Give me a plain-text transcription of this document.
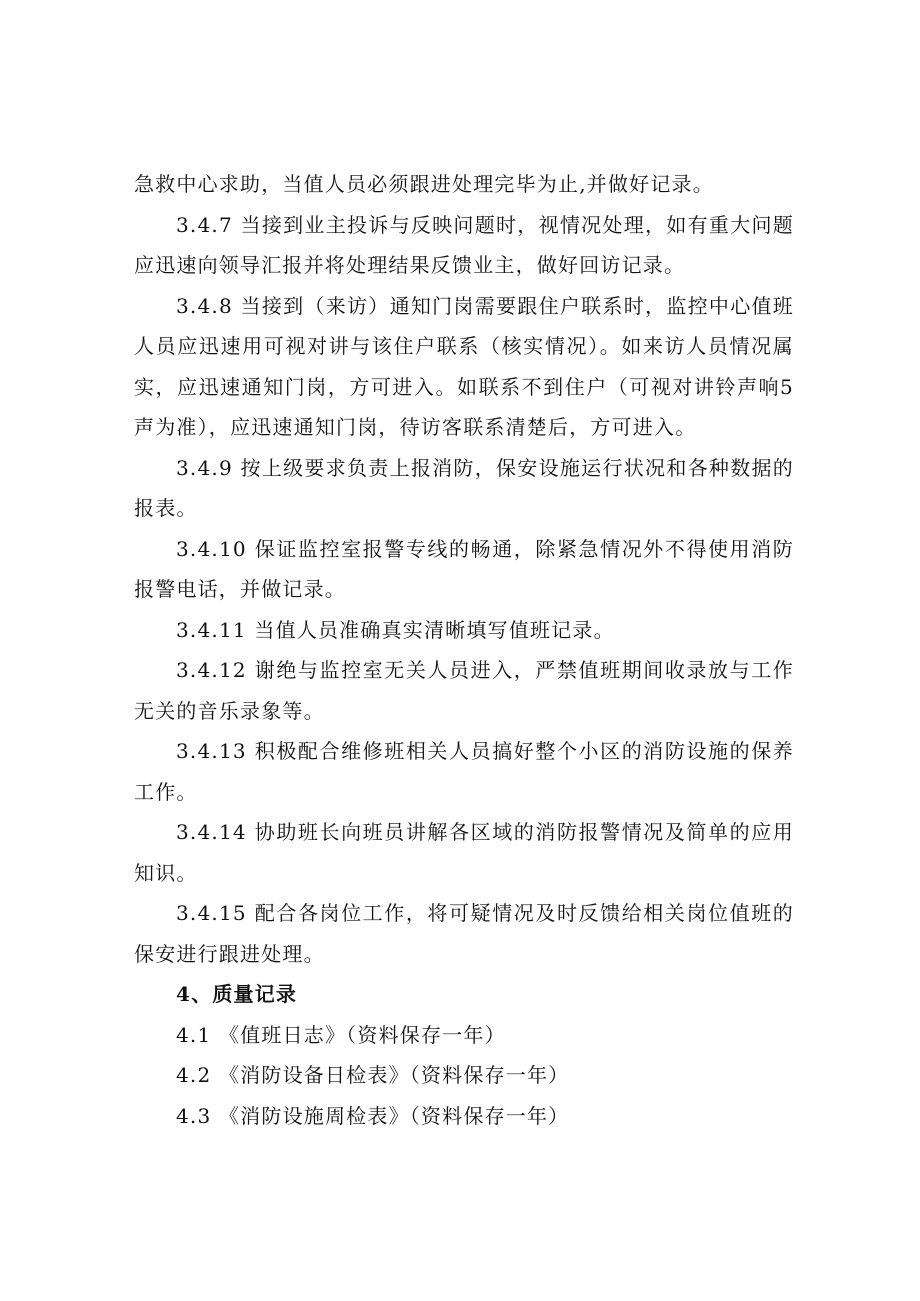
急救中心求助，当值人员必须跟进处理完毕为止,并做好记录。

3.4.7 当接到业主投诉与反映问题时，视情况处理，如有重大问题应迅速向领导汇报并将处理结果反馈业主，做好回访记录。

3.4.8 当接到（来访）通知门岗需要跟住户联系时，监控中心值班人员应迅速用可视对讲与该住户联系（核实情况）。如来访人员情况属实，应迅速通知门岗，方可进入。如联系不到住户（可视对讲铃声响5声为准），应迅速通知门岗，待访客联系清楚后，方可进入。

3.4.9 按上级要求负责上报消防，保安设施运行状况和各种数据的报表。

3.4.10 保证监控室报警专线的畅通，除紧急情况外不得使用消防报警电话，并做记录。

3.4.11 当值人员准确真实清晰填写值班记录。

3.4.12 谢绝与监控室无关人员进入，严禁值班期间收录放与工作无关的音乐录象等。

3.4.13 积极配合维修班相关人员搞好整个小区的消防设施的保养工作。

3.4.14 协助班长向班员讲解各区域的消防报警情况及简单的应用知识。

3.4.15 配合各岗位工作，将可疑情况及时反馈给相关岗位值班的保安进行跟进处理。

4、质量记录

4.1 《值班日志》（资料保存一年）

4.2 《消防设备日检表》（资料保存一年）

4.3 《消防设施周检表》（资料保存一年）
